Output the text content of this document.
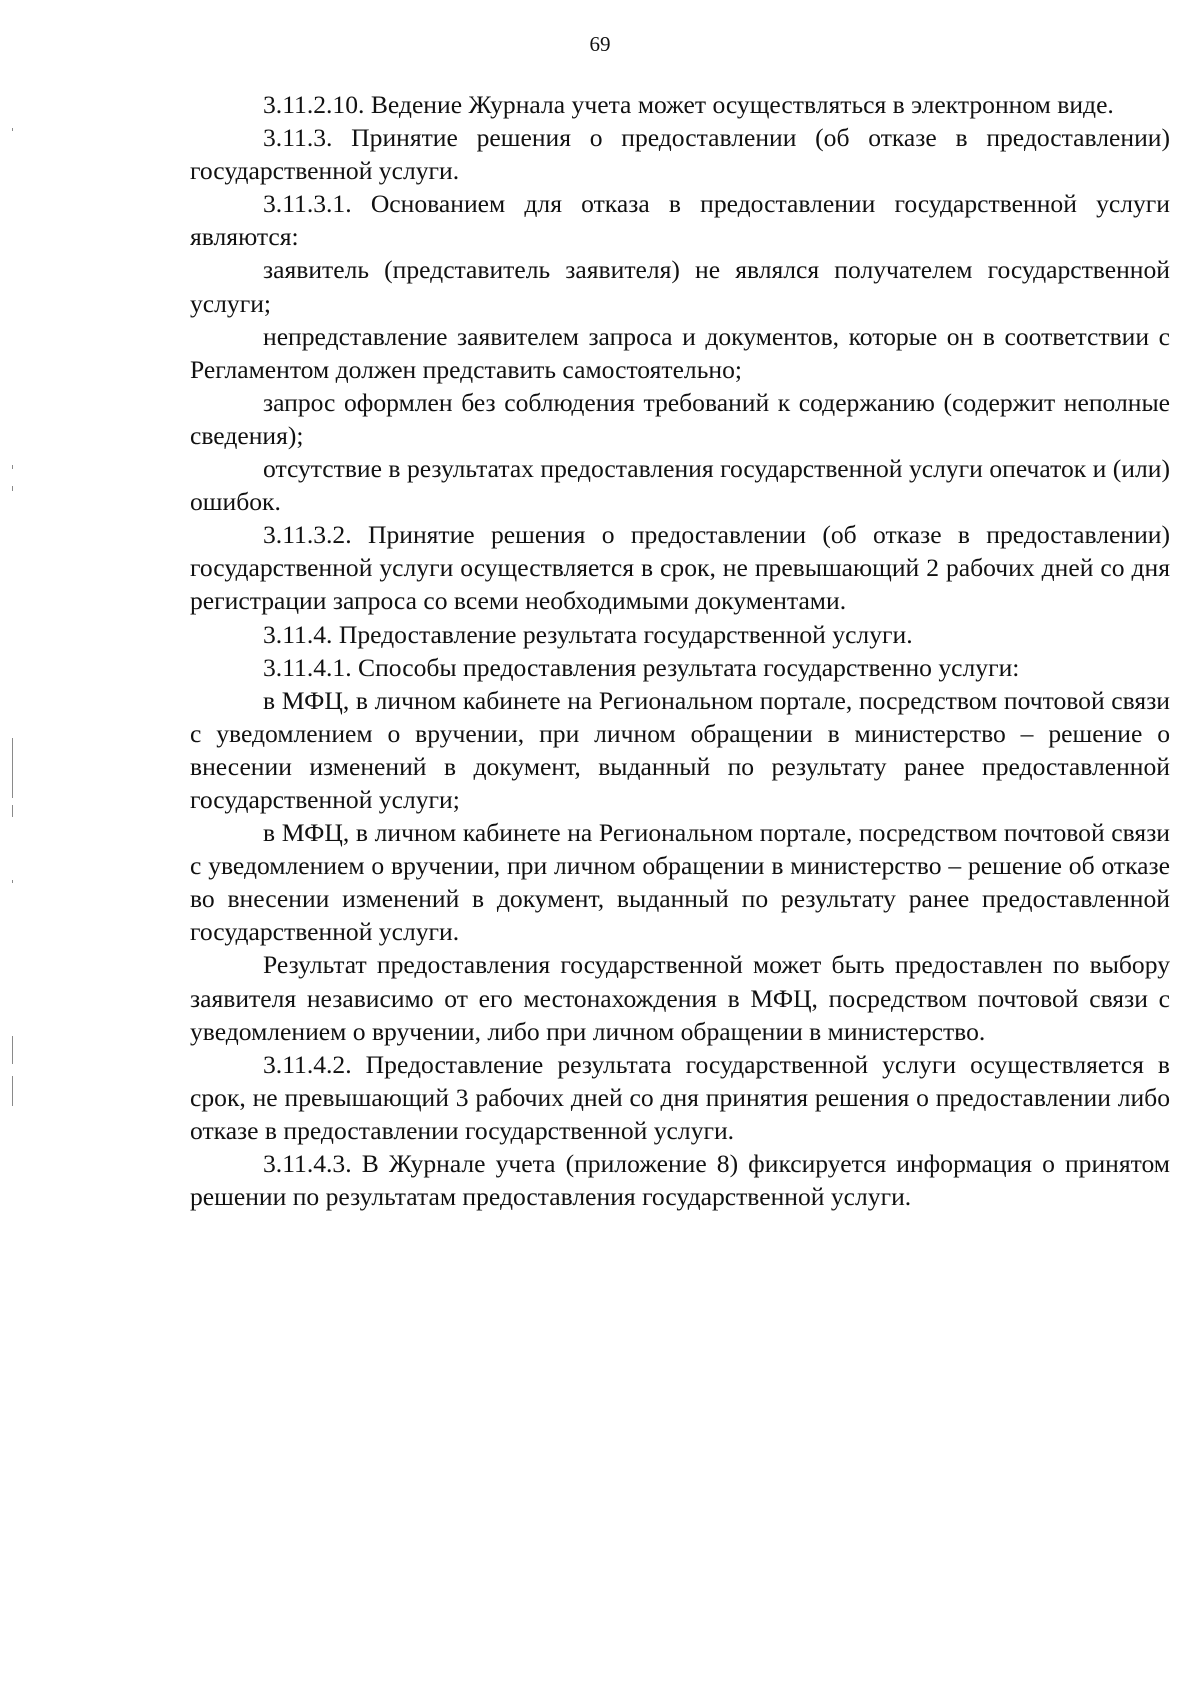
69

3.11.2.10. Ведение Журнала учета может осуществляться в электронном виде.

3.11.3. Принятие решения о предоставлении (об отказе в предоставлении) государственной услуги.

3.11.3.1. Основанием для отказа в предоставлении государственной услуги являются:

заявитель (представитель заявителя) не являлся получателем государственной услуги;

непредставление заявителем запроса и документов, которые он в соответствии с Регламентом должен представить самостоятельно;

запрос оформлен без соблюдения требований к содержанию (содержит неполные сведения);

отсутствие в результатах предоставления государственной услуги опечаток и (или) ошибок.

3.11.3.2. Принятие решения о предоставлении (об отказе в предоставлении) государственной услуги осуществляется в срок, не превышающий 2 рабочих дней со дня регистрации запроса со всеми необходимыми документами.

3.11.4. Предоставление результата государственной услуги.

3.11.4.1. Способы предоставления результата государственно услуги:

в МФЦ, в личном кабинете на Региональном портале, посредством почтовой связи с уведомлением о вручении, при личном обращении в министерство – решение о внесении изменений в документ, выданный по результату ранее предоставленной государственной услуги;

в МФЦ, в личном кабинете на Региональном портале, посредством почтовой связи с уведомлением о вручении, при личном обращении в министерство – решение об отказе во внесении изменений в документ, выданный по результату ранее предоставленной государственной услуги.

Результат предоставления государственной может быть предоставлен по выбору заявителя независимо от его местонахождения в МФЦ, посредством почтовой связи с уведомлением о вручении, либо при личном обращении в министерство.

3.11.4.2. Предоставление результата государственной услуги осуществляется в срок, не превышающий 3 рабочих дней со дня принятия решения о предоставлении либо отказе в предоставлении государственной услуги.

3.11.4.3. В Журнале учета (приложение 8) фиксируется информация о принятом решении по результатам предоставления государственной услуги.
